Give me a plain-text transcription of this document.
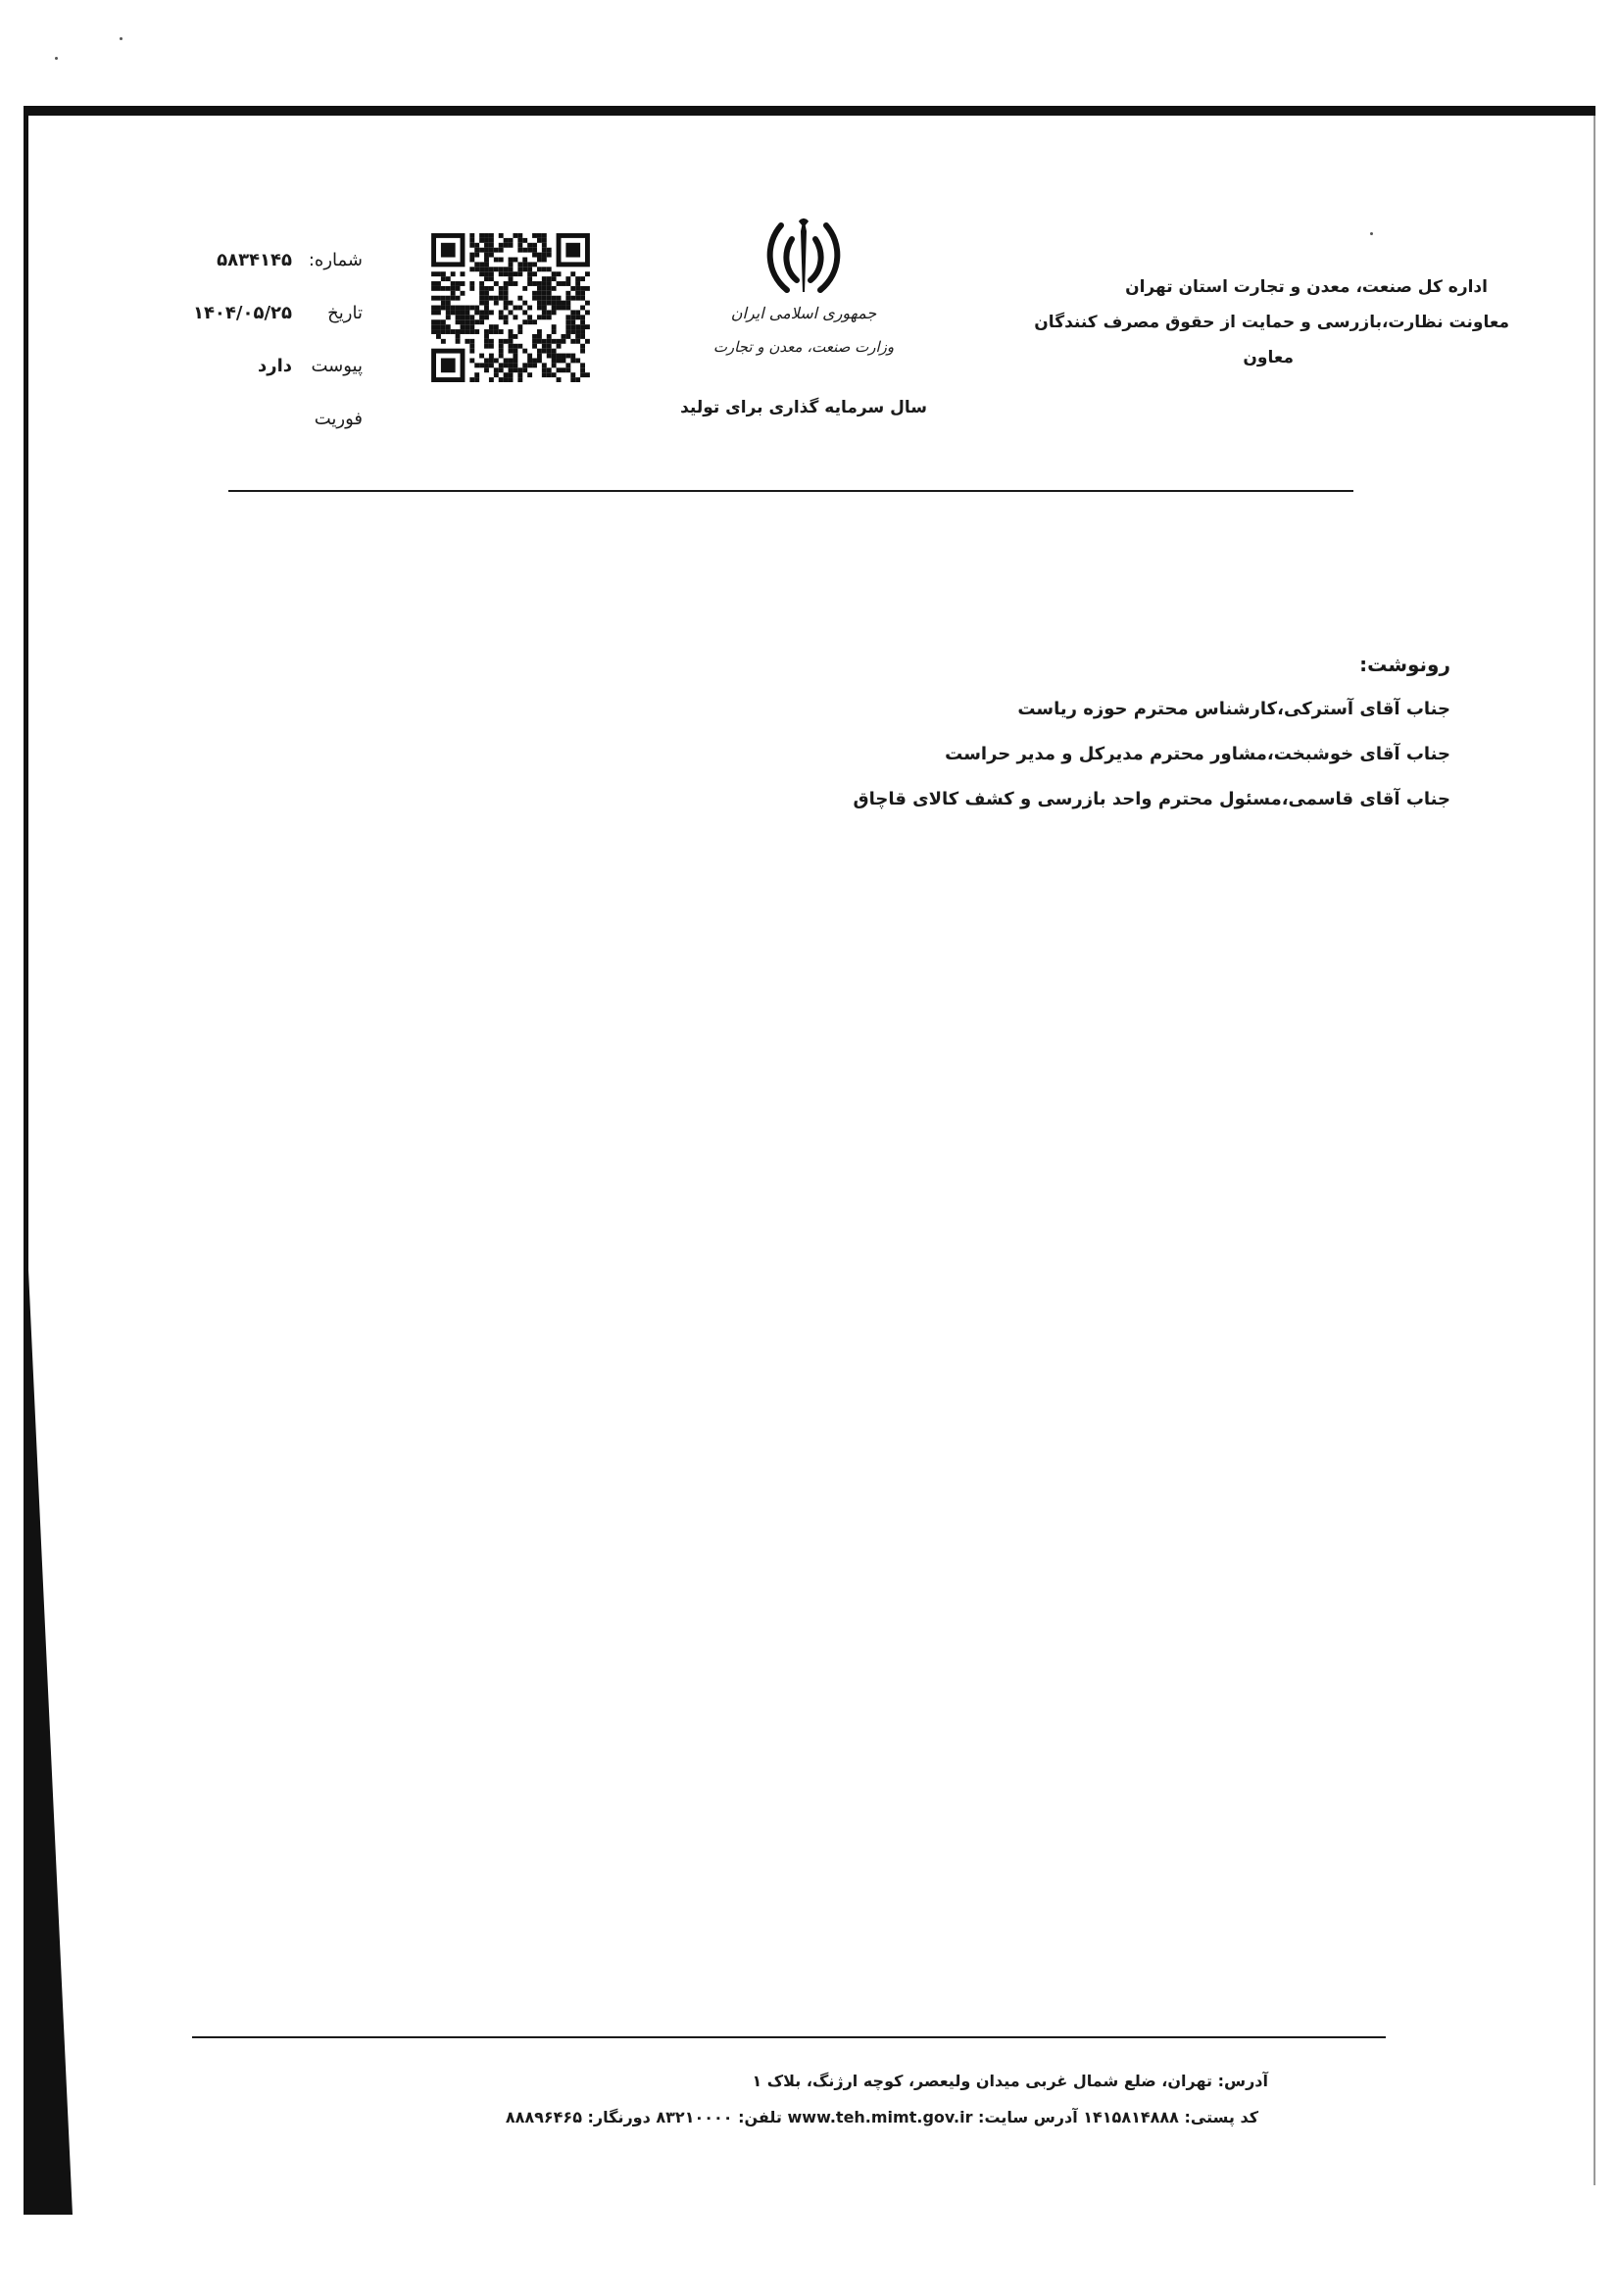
اداره کل صنعت، معدن و تجارت استان تهران
معاونت نظارت،بازرسی و حمایت از حقوق مصرف کنندگان
معاون
جمهوری اسلامی ایران
وزارت صنعت، معدن و تجارت
سال سرمایه گذاری برای تولید
شماره:
۵۸۳۴۱۴۵
تاریخ
۱۴۰۴/۰۵/۲۵
پیوست
دارد
فوریت
رونوشت:
جناب آقای آسترکی،کارشناس محترم حوزه ریاست
جناب آقای خوشبخت،مشاور محترم مدیرکل و مدیر حراست
جناب آقای قاسمی،مسئول محترم واحد بازرسی و کشف کالای قاچاق
آدرس: تهران، ضلع شمال غربی میدان ولیعصر، کوچه ارژنگ، بلاک ۱
کد پستی: ۱۴۱۵۸۱۴۸۸۸ آدرس سایت: www.teh.mimt.gov.ir تلفن: ۸۳۲۱۰۰۰۰ دورنگار: ۸۸۸۹۶۴۶۵
